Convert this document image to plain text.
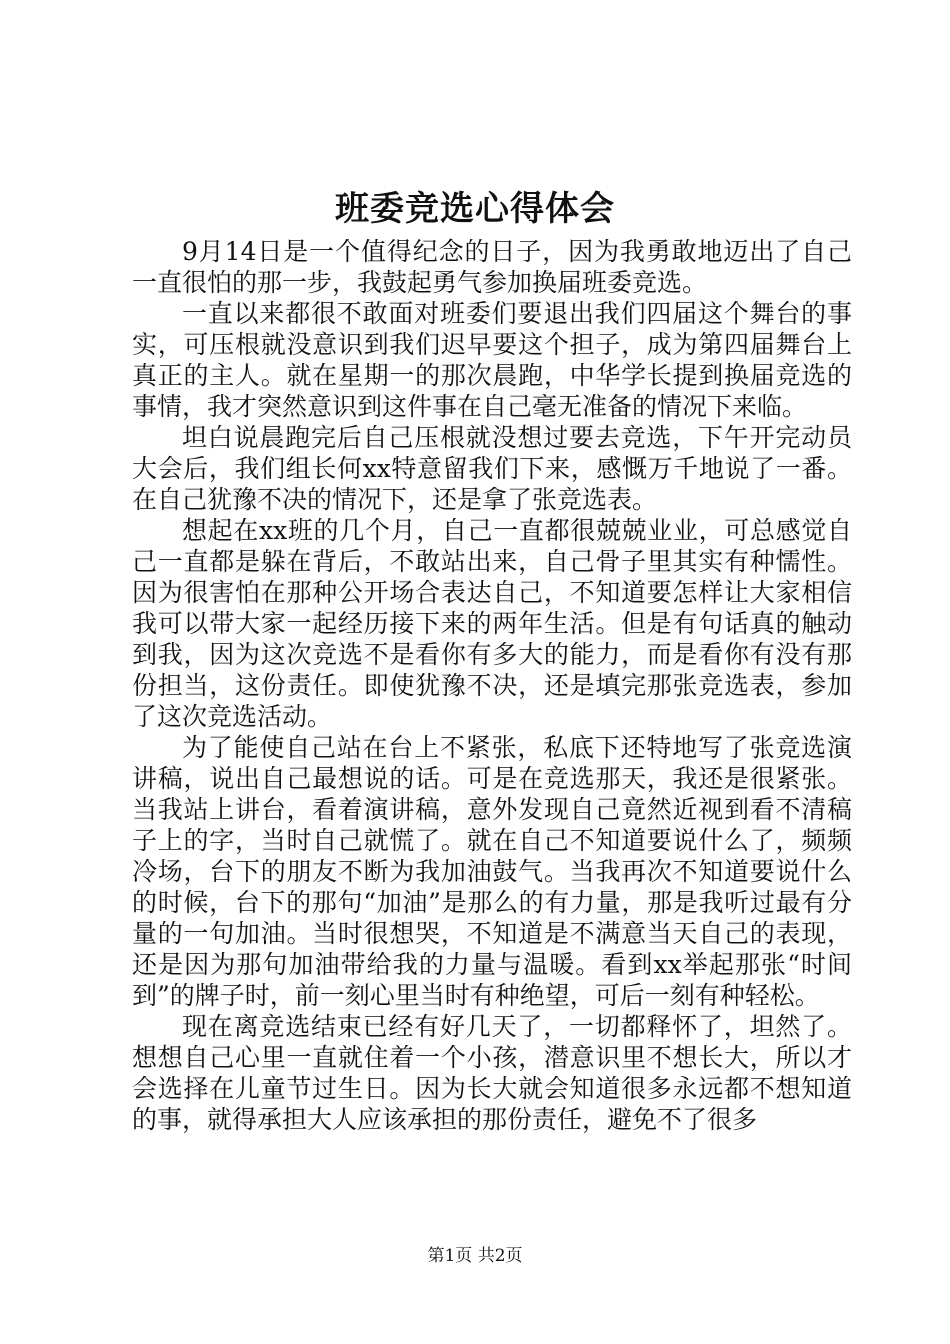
班委竞选心得体会

9月14日是一个值得纪念的日子，因为我勇敢地迈出了自己一直很怕的那一步，我鼓起勇气参加换届班委竞选。

一直以来都很不敢面对班委们要退出我们四届这个舞台的事实，可压根就没意识到我们迟早要这个担子，成为第四届舞台上真正的主人。就在星期一的那次晨跑，中华学长提到换届竞选的事情，我才突然意识到这件事在自己毫无准备的情况下来临。

坦白说晨跑完后自己压根就没想过要去竞选，下午开完动员大会后，我们组长何xx特意留我们下来，感慨万千地说了一番。在自己犹豫不决的情况下，还是拿了张竞选表。

想起在xx班的几个月，自己一直都很兢兢业业，可总感觉自己一直都是躲在背后，不敢站出来，自己骨子里其实有种懦性。因为很害怕在那种公开场合表达自己，不知道要怎样让大家相信我可以带大家一起经历接下来的两年生活。但是有句话真的触动到我，因为这次竞选不是看你有多大的能力，而是看你有没有那份担当，这份责任。即使犹豫不决，还是填完那张竞选表，参加了这次竞选活动。

为了能使自己站在台上不紧张，私底下还特地写了张竞选演讲稿，说出自己最想说的话。可是在竞选那天，我还是很紧张。当我站上讲台，看着演讲稿，意外发现自己竟然近视到看不清稿子上的字，当时自己就慌了。就在自己不知道要说什么了，频频冷场，台下的朋友不断为我加油鼓气。当我再次不知道要说什么的时候，台下的那句“加油”是那么的有力量，那是我听过最有分量的一句加油。当时很想哭，不知道是不满意当天自己的表现，还是因为那句加油带给我的力量与温暖。看到xx举起那张“时间到”的牌子时，前一刻心里当时有种绝望，可后一刻有种轻松。

现在离竞选结束已经有好几天了，一切都释怀了，坦然了。想想自己心里一直就住着一个小孩，潜意识里不想长大，所以才会选择在儿童节过生日。因为长大就会知道很多永远都不想知道的事，就得承担大人应该承担的那份责任，避免不了很多

第1页 共2页
